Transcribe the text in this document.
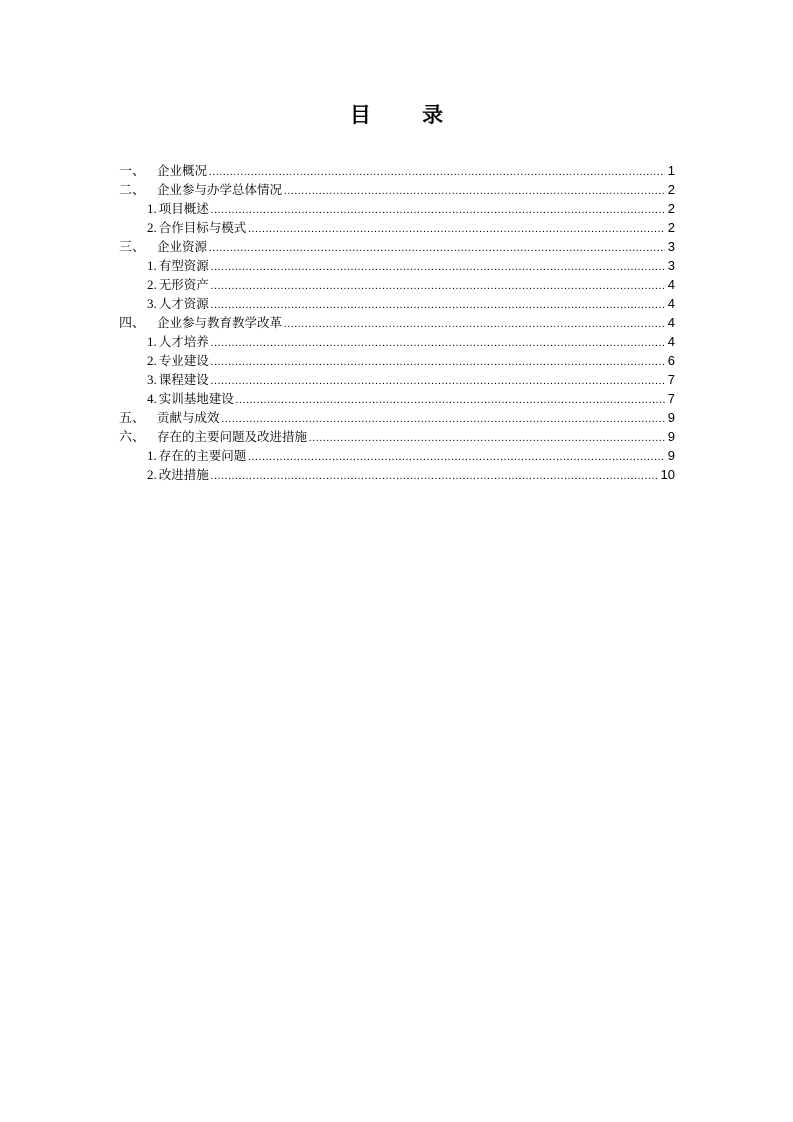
目 录
一、 企业概况 .....	1
二、 企业参与办学总体情况 .....	2
1. 项目概述 .....	2
2. 合作目标与模式 .....	2
三、 企业资源 .....	3
1. 有型资源 .....	3
2. 无形资产 .....	4
3. 人才资源 .....	4
四、 企业参与教育教学改革 .....	4
1. 人才培养 .....	4
2. 专业建设 .....	6
3. 课程建设 .....	7
4. 实训基地建设 .....	7
五、 贡献与成效 .....	9
六、 存在的主要问题及改进措施 .....	9
1. 存在的主要问题 .....	9
2. 改进措施 .....	10
